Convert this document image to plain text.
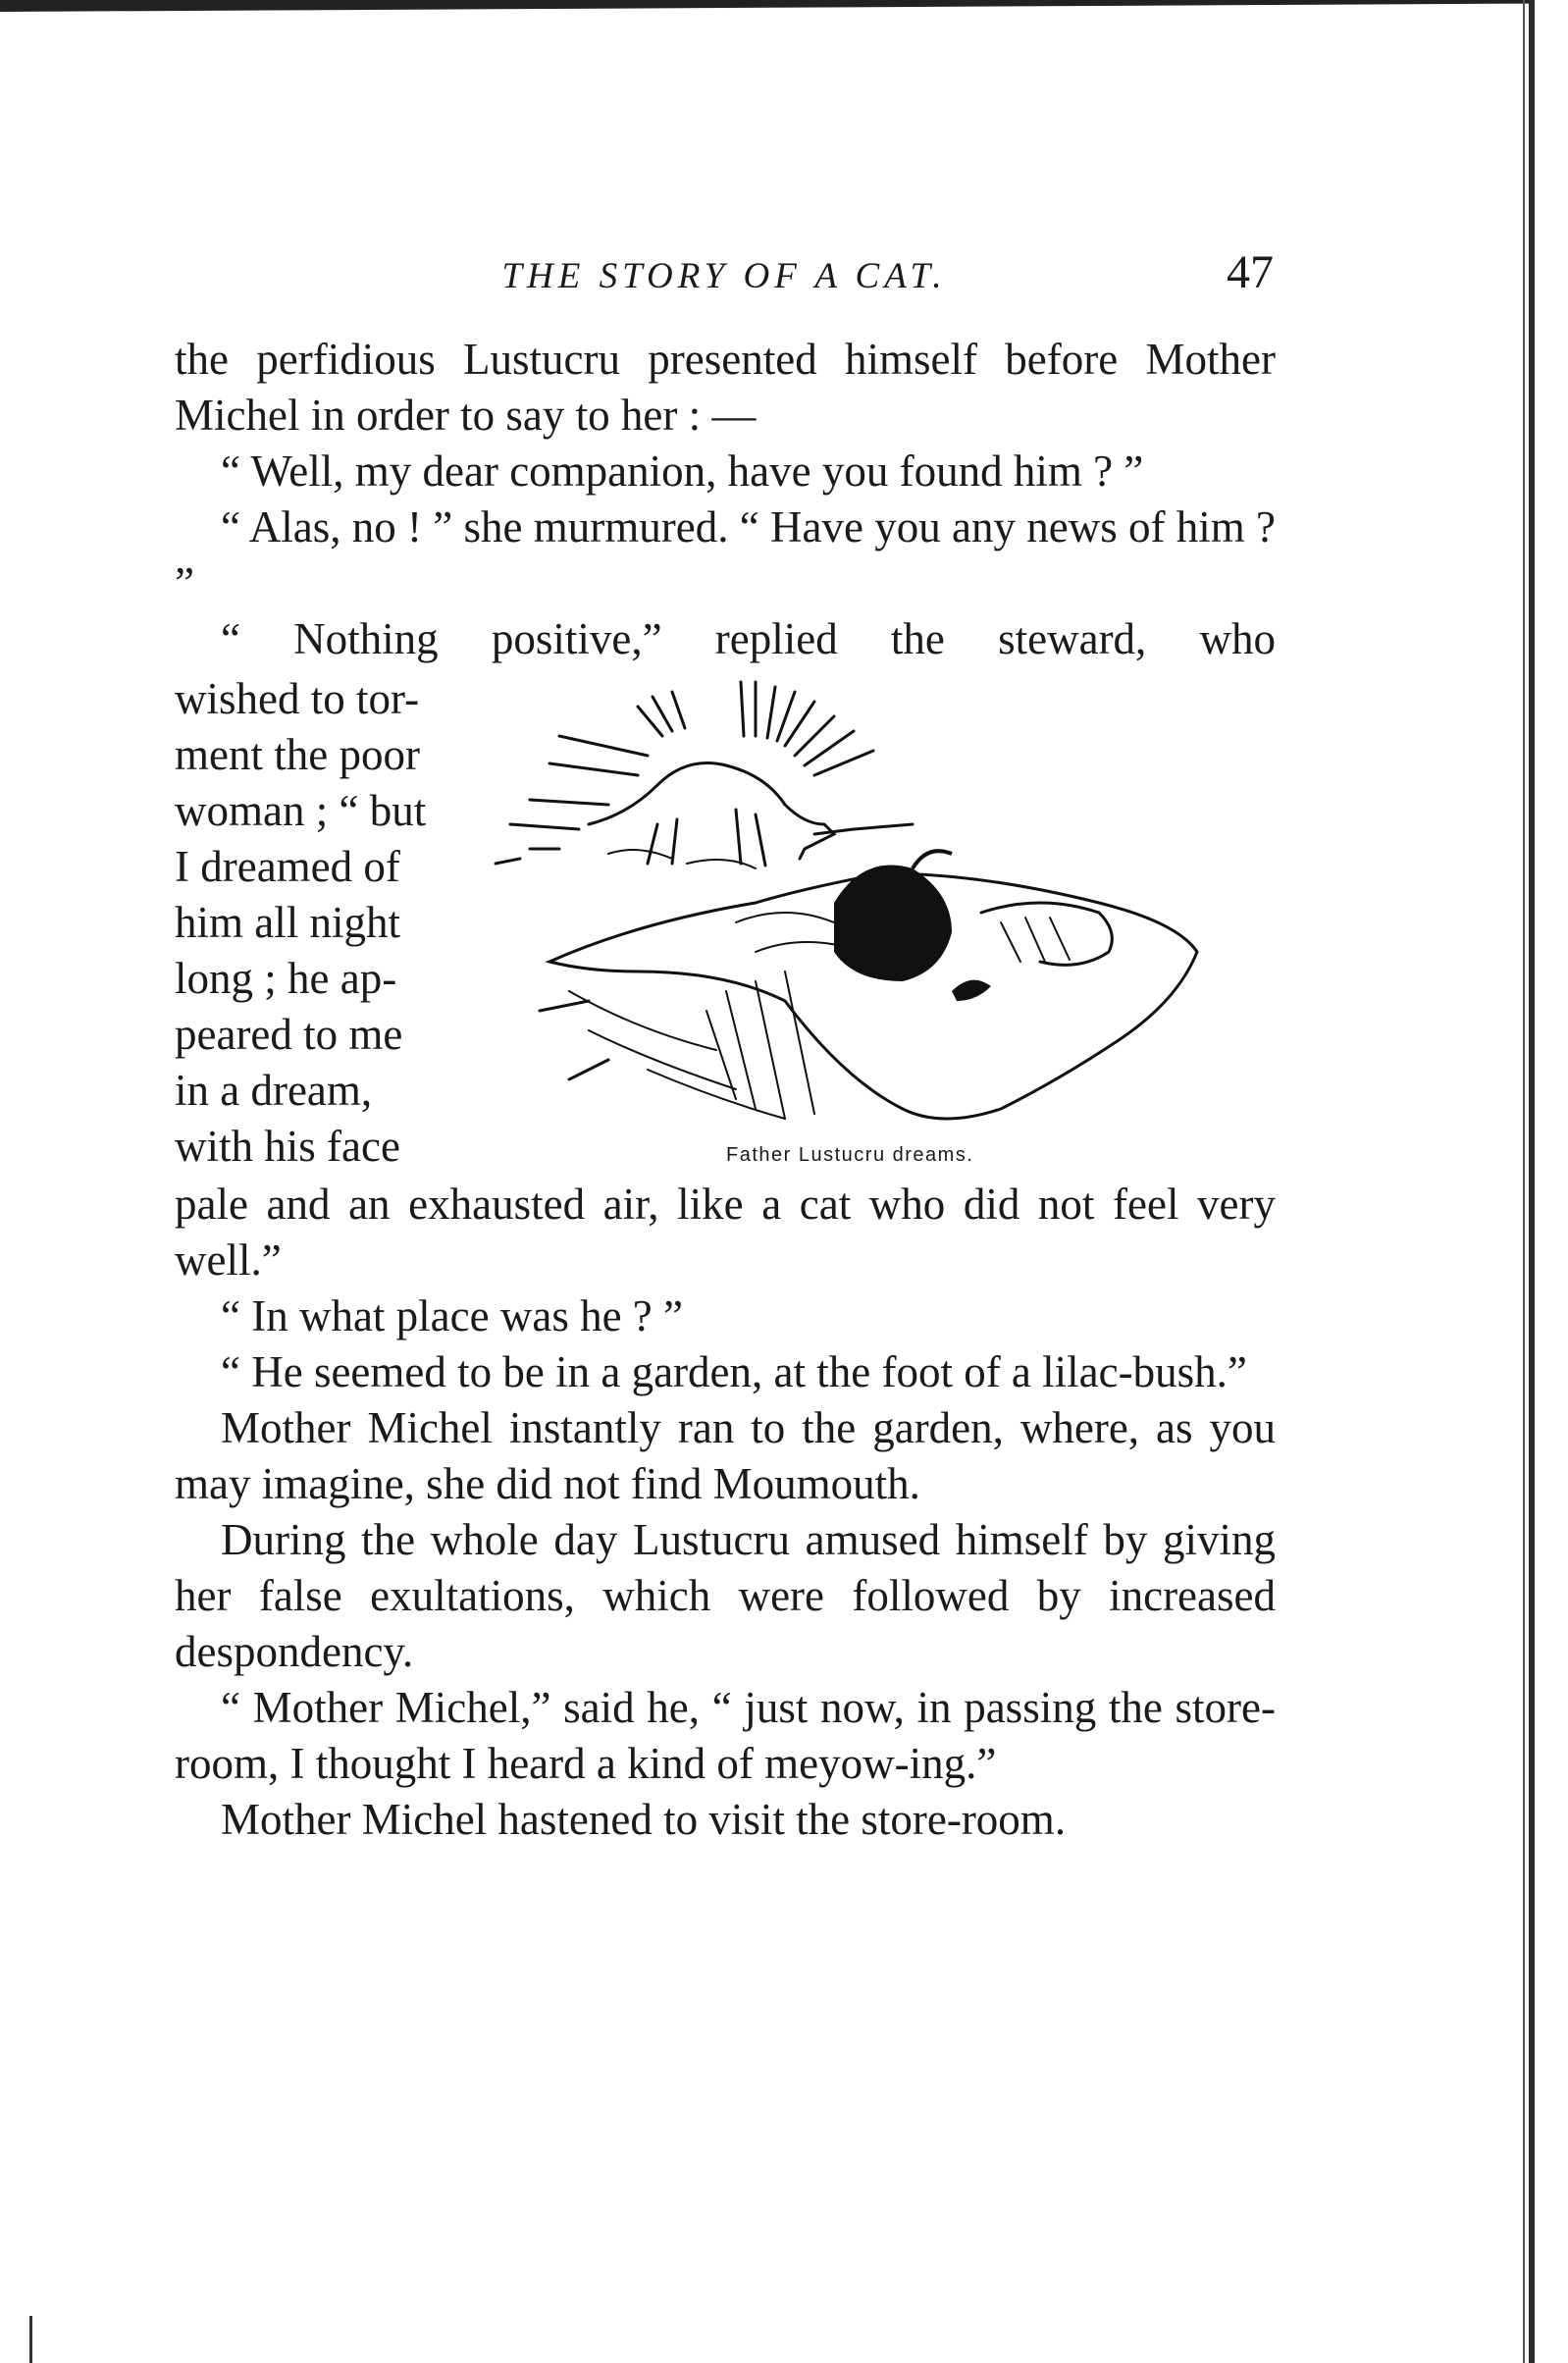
THE STORY OF A CAT.	47

the perfidious Lustucru presented himself before Mother Michel in order to say to her : —

“ Well, my dear companion, have you found him ? ”

“ Alas, no ! ” she murmured. “ Have you any news of him ? ”

“ Nothing positive,” replied the steward, who

wished to tor-
ment the poor
woman ; “ but
I dreamed of
him all night
long ; he ap-
peared to me
in a dream,
with his face	Father Lustucru dreams.

pale and an exhausted air, like a cat who did not feel very well.”

“ In what place was he ? ”

“ He seemed to be in a garden, at the foot of a lilac-bush.”

Mother Michel instantly ran to the garden, where, as you may imagine, she did not find Moumouth.

During the whole day Lustucru amused himself by giving her false exultations, which were followed by increased despondency.

“ Mother Michel,” said he, “ just now, in passing the store-room, I thought I heard a kind of meyow-ing.”

Mother Michel hastened to visit the store-room.
